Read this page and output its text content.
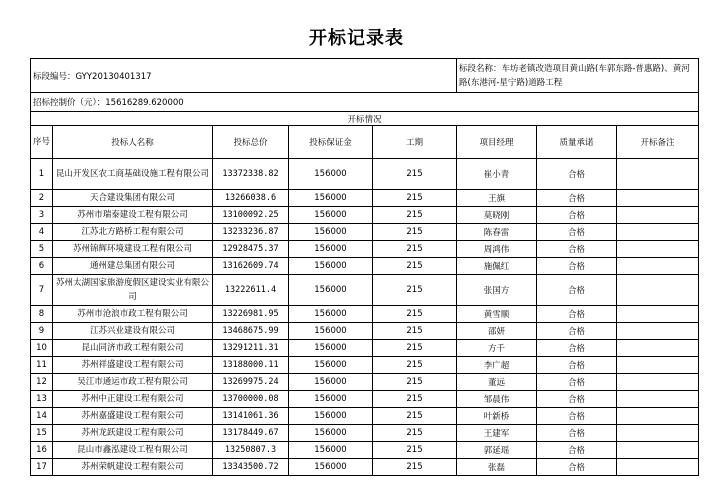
开标记录表
标段编号：GYY20130401317					标段名称：车坊老镇改造项目黄山路(车郭东路-普惠路)、黄河路(东港河-星宁路)道路工程		
招标控制价（元）：15616289.620000							
开标情况							
序号	投标人名称	投标总价	投标保证金	工期	项目经理	质量承诺	开标备注
1	昆山开发区农工商基础设施工程有限公司	13372338.82	156000	215	崔小青	合格	
2	天合建设集团有限公司	13266038.6	156000	215	王旗	合格	
3	苏州市瑞泰建设工程有限公司	13100092.25	156000	215	莫晓刚	合格	
4	江苏北方路桥工程有限公司	13233236.87	156000	215	陈春雷	合格	
5	苏州锦辉环境建设工程有限公司	12928475.37	156000	215	周鸿伟	合格	
6	通州建总集团有限公司	13162609.74	156000	215	施佩红	合格	
7	苏州太湖国家旅游度假区建设实业有限公司	13222611.4	156000	215	张国方	合格	
8	苏州市沧浪市政工程有限公司	13226981.95	156000	215	黄雪顺	合格	
9	江苏兴业建设有限公司	13468675.99	156000	215	邵妍	合格	
10	昆山同济市政工程有限公司	13291211.31	156000	215	方千	合格	
11	苏州祥盛建设工程有限公司	13188000.11	156000	215	李广超	合格	
12	吴江市通运市政工程有限公司	13269975.24	156000	215	董远	合格	
13	苏州中正建设工程有限公司	13700000.08	156000	215	邹晨伟	合格	
14	苏州嘉盛建设工程有限公司	13141061.36	156000	215	叶新桥	合格	
15	苏州龙跃建设工程有限公司	13178449.67	156000	215	王建军	合格	
16	昆山市鑫泓建设工程有限公司	13250807.3	156000	215	郭延瑶	合格	
17	苏州荣帆建设工程有限公司	13343500.72	156000	215	张磊	合格	
